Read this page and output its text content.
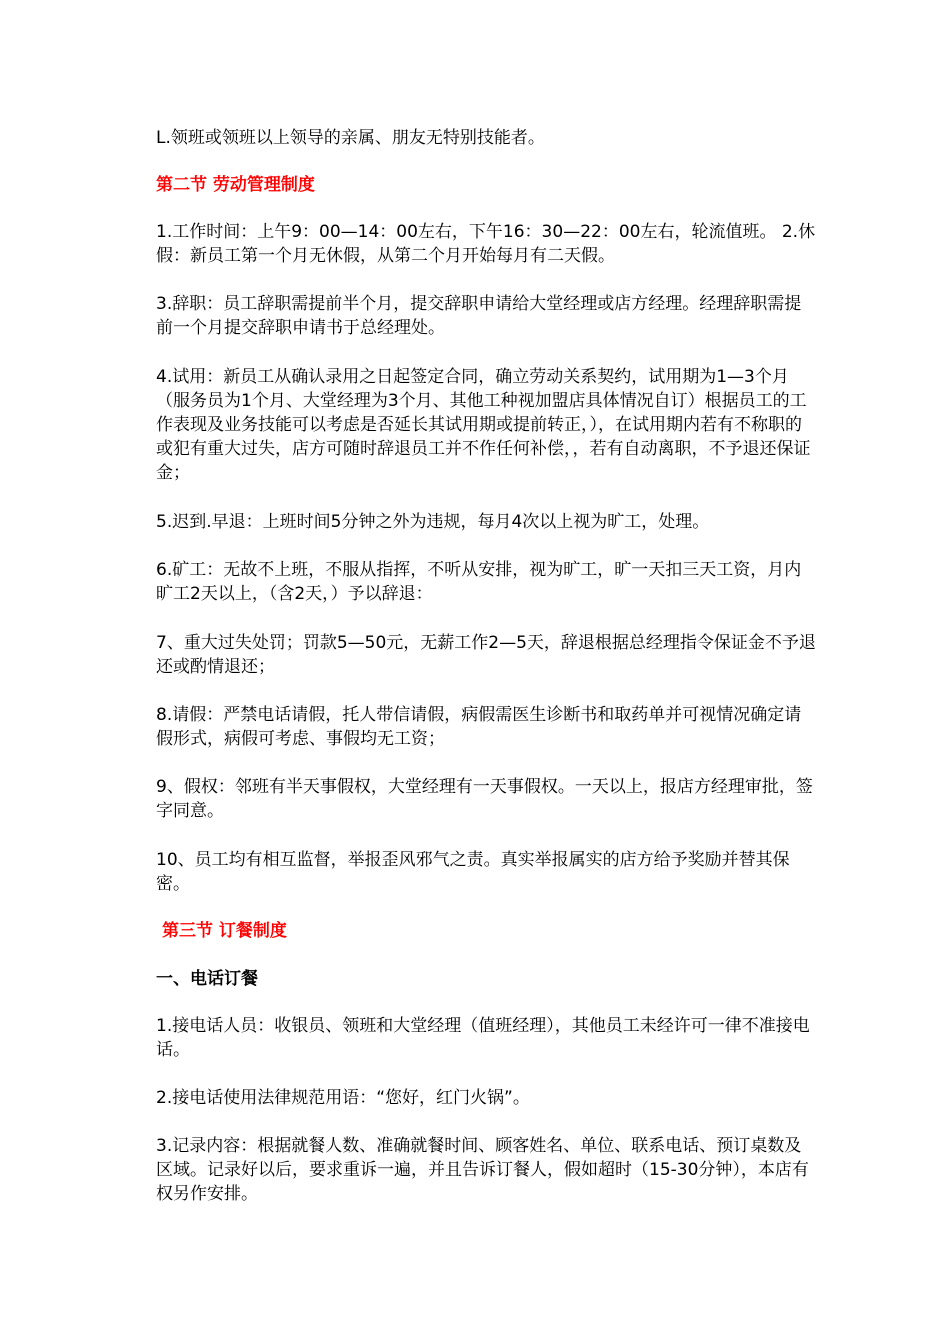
L.领班或领班以上领导的亲属、朋友无特别技能者。

第二节 劳动管理制度

1.工作时间：上午9：00—14：00左右，下午16：30—22：00左右，轮流值班。 2.休假：新员工第一个月无休假，从第二个月开始每月有二天假。

3.辞职：员工辞职需提前半个月，提交辞职申请给大堂经理或店方经理。经理辞职需提前一个月提交辞职申请书于总经理处。

4.试用：新员工从确认录用之日起签定合同，确立劳动关系契约，试用期为1—3个月（服务员为1个月、大堂经理为3个月、其他工种视加盟店具体情况自订）根据员工的工作表现及业务技能可以考虑是否延长其试用期或提前转正，），在试用期内若有不称职的或犯有重大过失，店方可随时辞退员工并不作任何补偿，，若有自动离职，不予退还保证金；

5.迟到.早退：上班时间5分钟之外为违规，每月4次以上视为旷工，处理。

6.矿工：无故不上班，不服从指挥，不听从安排，视为旷工，旷一天扣三天工资，月内旷工2天以上，（含2天，）予以辞退：

7、重大过失处罚；罚款5—50元，无薪工作2—5天，辞退根据总经理指令保证金不予退还或酌情退还；

8.请假：严禁电话请假，托人带信请假，病假需医生诊断书和取药单并可视情况确定请假形式，病假可考虑、事假均无工资；

9、假权：邻班有半天事假权，大堂经理有一天事假权。一天以上，报店方经理审批，签字同意。

10、员工均有相互监督，举报歪风邪气之责。真实举报属实的店方给予奖励并替其保密。

第三节 订餐制度

一、电话订餐

1.接电话人员：收银员、领班和大堂经理（值班经理），其他员工未经许可一律不准接电话。

2.接电话使用法律规范用语：“您好，红门火锅”。

3.记录内容：根据就餐人数、准确就餐时间、顾客姓名、单位、联系电话、预订桌数及区域。记录好以后，要求重诉一遍，并且告诉订餐人，假如超时（15-30分钟），本店有权另作安排。
